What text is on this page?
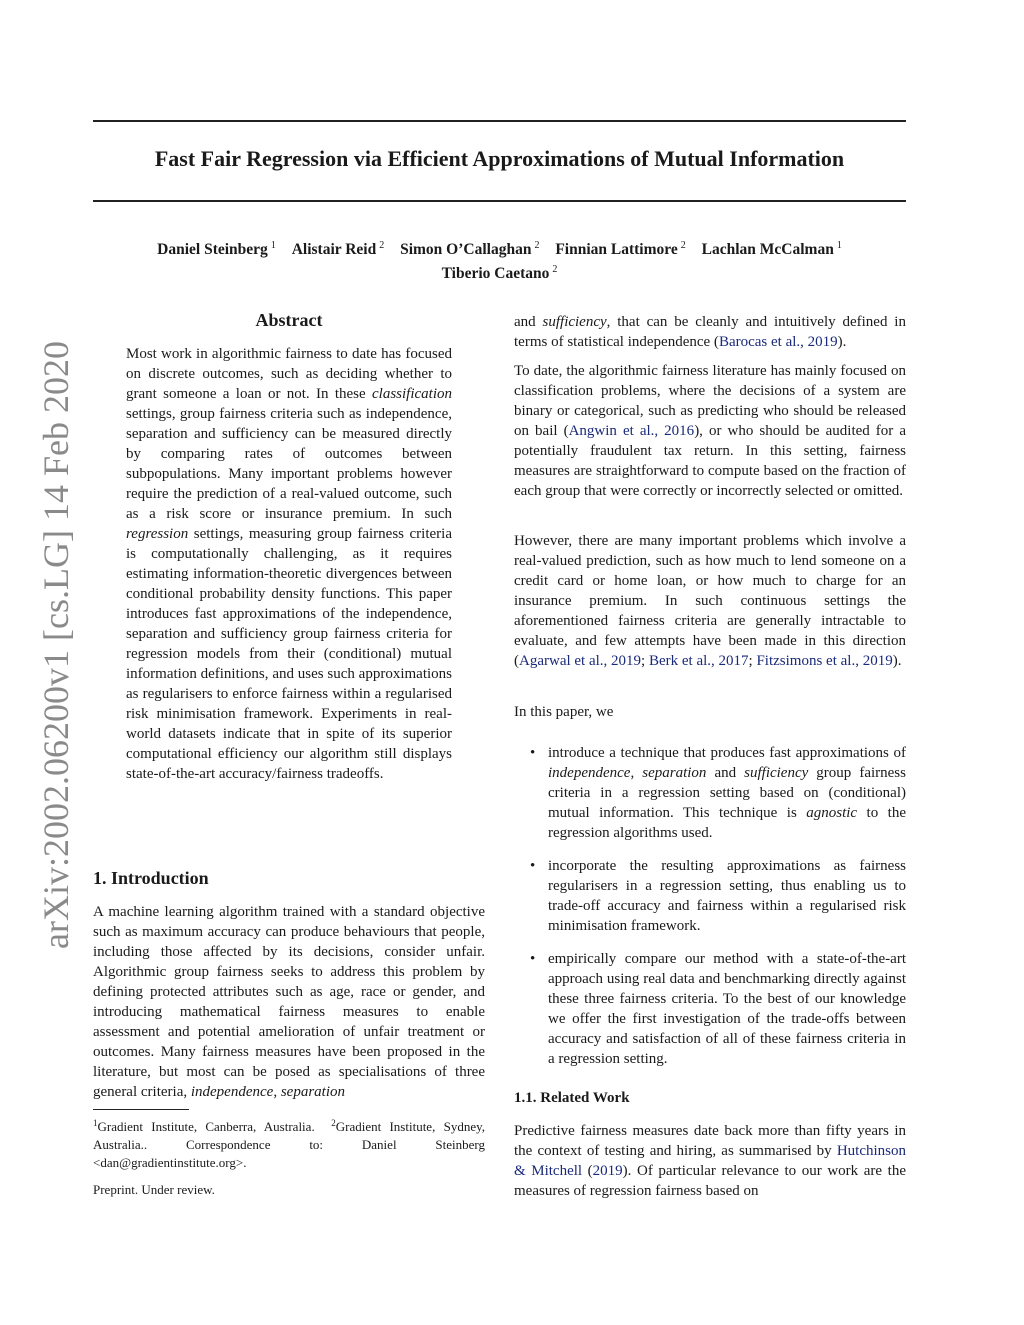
arXiv:2002.06200v1 [cs.LG] 14 Feb 2020
Fast Fair Regression via Efficient Approximations of Mutual Information
Daniel Steinberg $^1$ Alistair Reid $^2$ Simon O’Callaghan $^2$ Finnian Lattimore $^2$ Lachlan McCalman $^1$
Tiberio Caetano $^2$
Abstract

Most work in algorithmic fairness to date has focused on discrete outcomes, such as deciding whether to grant someone a loan or not. In these classification settings, group fairness criteria such as independence, separation and sufficiency can be measured directly by comparing rates of outcomes between subpopulations. Many important problems however require the prediction of a real-valued outcome, such as a risk score or insurance premium. In such regression settings, measuring group fairness criteria is computationally challenging, as it requires estimating information-theoretic divergences between conditional probability density functions. This paper introduces fast approximations of the independence, separation and sufficiency group fairness criteria for regression models from their (conditional) mutual information definitions, and uses such approximations as regularisers to enforce fairness within a regularised risk minimisation framework. Experiments in real-world datasets indicate that in spite of its superior computational efficiency our algorithm still displays state-of-the-art accuracy/fairness tradeoffs.

1. Introduction

A machine learning algorithm trained with a standard objective such as maximum accuracy can produce behaviours that people, including those affected by its decisions, consider unfair. Algorithmic group fairness seeks to address this problem by defining protected attributes such as age, race or gender, and introducing mathematical fairness measures to enable assessment and potential amelioration of unfair treatment or outcomes. Many fairness measures have been proposed in the literature, but most can be posed as specialisations of three general criteria, independence, separation

$^1$Gradient Institute, Canberra, Australia. $^2$Gradient Institute, Sydney, Australia.. Correspondence to: Daniel Steinberg <dan@gradientinstitute.org>.
Preprint. Under review.

and sufficiency, that can be cleanly and intuitively defined in terms of statistical independence (Barocas et al., 2019).

To date, the algorithmic fairness literature has mainly focused on classification problems, where the decisions of a system are binary or categorical, such as predicting who should be released on bail (Angwin et al., 2016), or who should be audited for a potentially fraudulent tax return. In this setting, fairness measures are straightforward to compute based on the fraction of each group that were correctly or incorrectly selected or omitted.

However, there are many important problems which involve a real-valued prediction, such as how much to lend someone on a credit card or home loan, or how much to charge for an insurance premium. In such continuous settings the aforementioned fairness criteria are generally intractable to evaluate, and few attempts have been made in this direction (Agarwal et al., 2019; Berk et al., 2017; Fitzsimons et al., 2019).

In this paper, we
• introduce a technique that produces fast approximations of independence, separation and sufficiency group fairness criteria in a regression setting based on (conditional) mutual information. This technique is agnostic to the regression algorithms used.
• incorporate the resulting approximations as fairness regularisers in a regression setting, thus enabling us to trade-off accuracy and fairness within a regularised risk minimisation framework.
• empirically compare our method with a state-of-the-art approach using real data and benchmarking directly against these three fairness criteria. To the best of our knowledge we offer the first investigation of the trade-offs between accuracy and satisfaction of all of these fairness criteria in a regression setting.
1.1. Related Work

Predictive fairness measures date back more than fifty years in the context of testing and hiring, as summarised by Hutchinson & Mitchell (2019). Of particular relevance to our work are the measures of regression fairness based on
